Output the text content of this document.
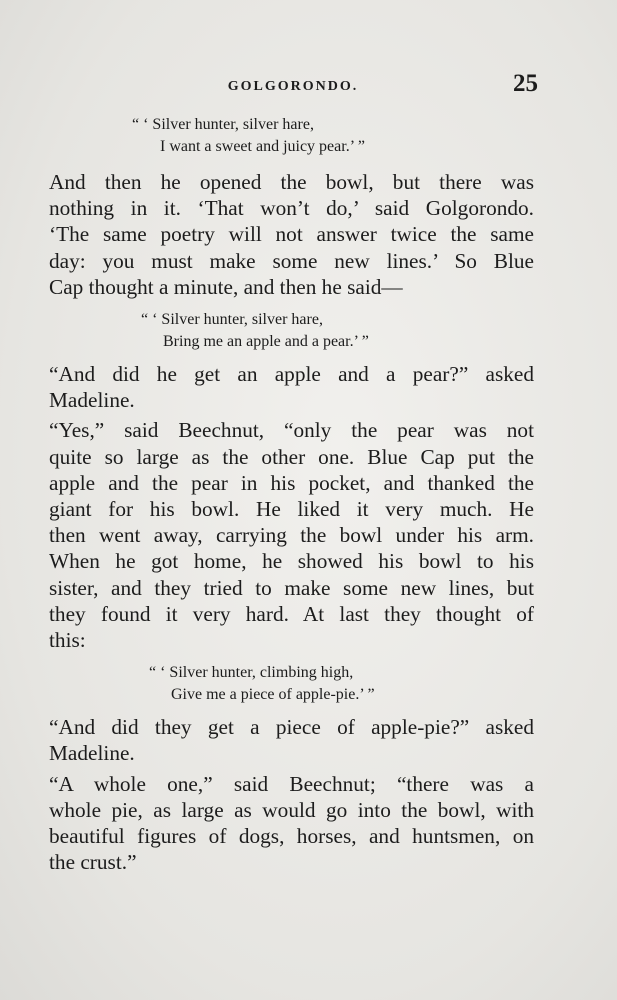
GOLGORONDO.	25
“ ‘ Silver hunter, silver hare,
I want a sweet and juicy pear.’ ”
And then he opened the bowl, but there was
nothing in it. ‘That won’t do,’ said Golgorondo.
‘The same poetry will not answer twice the same
day: you must make some new lines.’ So Blue
Cap thought a minute, and then he said—
“ ‘ Silver hunter, silver hare,
Bring me an apple and a pear.’ ”
“And did he get an apple and a pear?” asked
Madeline.
“Yes,” said Beechnut, “only the pear was not
quite so large as the other one. Blue Cap put the
apple and the pear in his pocket, and thanked the
giant for his bowl. He liked it very much. He
then went away, carrying the bowl under his arm.
When he got home, he showed his bowl to his
sister, and they tried to make some new lines, but
they found it very hard. At last they thought of
this:
“ ‘ Silver hunter, climbing high,
Give me a piece of apple-pie.’ ”
“And did they get a piece of apple-pie?” asked
Madeline.
“A whole one,” said Beechnut; “there was a
whole pie, as large as would go into the bowl, with
beautiful figures of dogs, horses, and huntsmen, on
the crust.”
